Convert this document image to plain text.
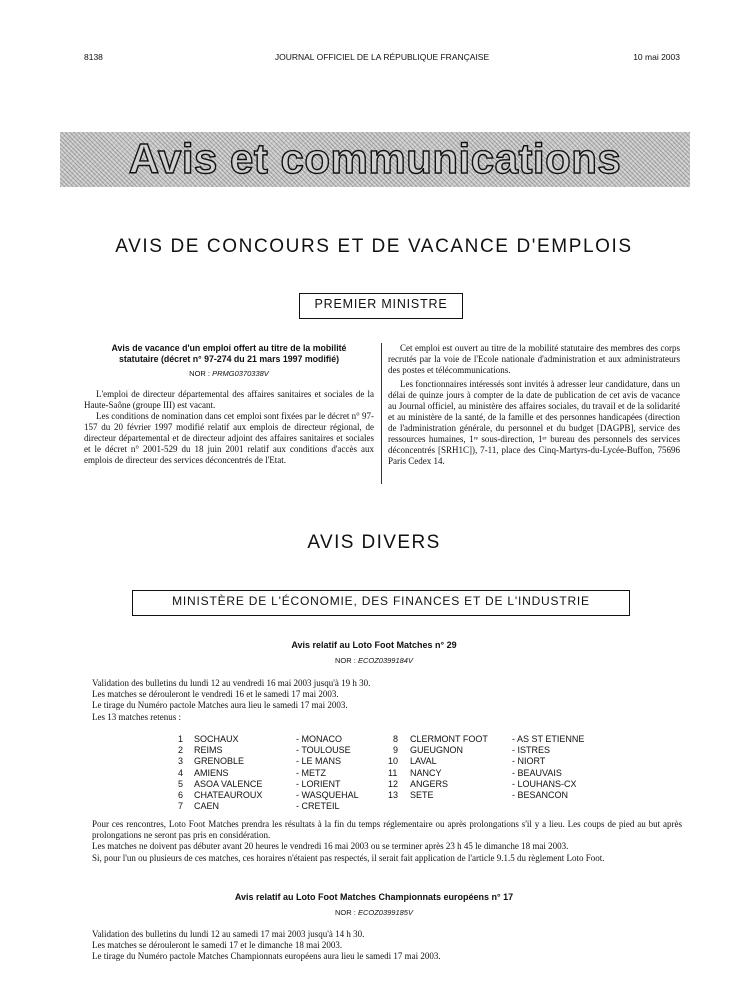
8138	JOURNAL OFFICIEL DE LA RÉPUBLIQUE FRANÇAISE	10 mai 2003
Avis et communications
AVIS DE CONCOURS ET DE VACANCE D'EMPLOIS
PREMIER MINISTRE
Avis de vacance d'un emploi offert au titre de la mobilité
statutaire (décret n° 97-274 du 21 mars 1997 modifié)
NOR : PRMG0370338V

L'emploi de directeur départemental des affaires sanitaires et sociales de la Haute-Saône (groupe III) est vacant.

Les conditions de nomination dans cet emploi sont fixées par le décret n° 97-157 du 20 février 1997 modifié relatif aux emplois de directeur régional, de directeur départemental et de directeur adjoint des affaires sanitaires et sociales et le décret n° 2001-529 du 18 juin 2001 relatif aux conditions d'accès aux emplois de directeur des services déconcentrés de l'Etat.

Cet emploi est ouvert au titre de la mobilité statutaire des membres des corps recrutés par la voie de l'Ecole nationale d'administration et aux administrateurs des postes et télécommunications.

Les fonctionnaires intéressés sont invités à adresser leur candidature, dans un délai de quinze jours à compter de la date de publication de cet avis de vacance au Journal officiel, au ministère des affaires sociales, du travail et de la solidarité et au ministère de la santé, de la famille et des personnes handicapées (direction de l'administration générale, du personnel et du budget [DAGPB], service des ressources humaines, 1ʳᵉ sous-direction, 1ᵉʳ bureau des personnels des services déconcentrés [SRH1C]), 7-11, place des Cinq-Martyrs-du-Lycée-Buffon, 75696 Paris Cedex 14.

AVIS DIVERS
MINISTÈRE DE L'ÉCONOMIE, DES FINANCES ET DE L'INDUSTRIE
Avis relatif au Loto Foot Matches n° 29
NOR : ECOZ0399184V
Validation des bulletins du lundi 12 au vendredi 16 mai 2003 jusqu'à 19 h 30.
Les matches se dérouleront le vendredi 16 et le samedi 17 mai 2003.
Le tirage du Numéro pactole Matches aura lieu le samedi 17 mai 2003.
Les 13 matches retenus :
1 SOCHAUX	- MONACO
2 REIMS	- TOULOUSE
3 GRENOBLE	- LE MANS
4 AMIENS	- METZ
5 ASOA VALENCE	- LORIENT
6 CHATEAUROUX	- WASQUEHAL
7 CAEN	- CRETEIL
8 CLERMONT FOOT	- AS ST ETIENNE
9 GUEUGNON	- ISTRES
10 LAVAL	- NIORT
11 NANCY	- BEAUVAIS
12 ANGERS	- LOUHANS-CX
13 SETE	- BESANCON

Pour ces rencontres, Loto Foot Matches prendra les résultats à la fin du temps réglementaire ou après prolongations s'il y a lieu. Les coups de pied au but après prolongations ne seront pas pris en considération.

Les matches ne doivent pas débuter avant 20 heures le vendredi 16 mai 2003 ou se terminer après 23 h 45 le dimanche 18 mai 2003.

Si, pour l'un ou plusieurs de ces matches, ces horaires n'étaient pas respectés, il serait fait application de l'article 9.1.5 du règlement Loto Foot.

Avis relatif au Loto Foot Matches Championnats européens n° 17
NOR : ECOZ0399185V
Validation des bulletins du lundi 12 au samedi 17 mai 2003 jusqu'à 14 h 30.
Les matches se dérouleront le samedi 17 et le dimanche 18 mai 2003.
Le tirage du Numéro pactole Matches Championnats européens aura lieu le samedi 17 mai 2003.
